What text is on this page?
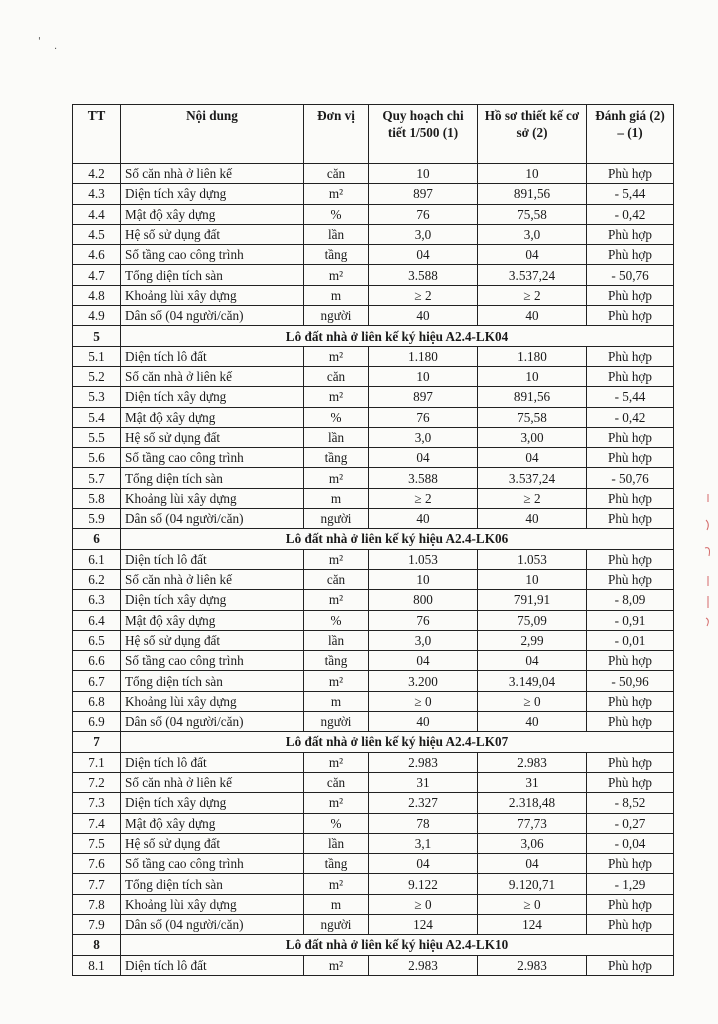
'
·
TT	Nội dung	Đơn vị	Quy hoạch chi tiết 1/500 (1)	Hồ sơ thiết kế cơ sở (2)	Đánh giá (2) – (1)
4.2	Số căn nhà ở liên kế	căn	10	10	Phù hợp
4.3	Diện tích xây dựng	m²	897	891,56	- 5,44
4.4	Mật độ xây dựng	%	76	75,58	- 0,42
4.5	Hệ số sử dụng đất	lần	3,0	3,0	Phù hợp
4.6	Số tầng cao công trình	tầng	04	04	Phù hợp
4.7	Tổng diện tích sàn	m²	3.588	3.537,24	- 50,76
4.8	Khoảng lùi xây dựng	m	≥ 2	≥ 2	Phù hợp
4.9	Dân số (04 người/căn)	người	40	40	Phù hợp
5	Lô đất nhà ở liên kế ký hiệu A2.4-LK04				
5.1	Diện tích lô đất	m²	1.180	1.180	Phù hợp
5.2	Số căn nhà ở liên kế	căn	10	10	Phù hợp
5.3	Diện tích xây dựng	m²	897	891,56	- 5,44
5.4	Mật độ xây dựng	%	76	75,58	- 0,42
5.5	Hệ số sử dụng đất	lần	3,0	3,00	Phù hợp
5.6	Số tầng cao công trình	tầng	04	04	Phù hợp
5.7	Tổng diện tích sàn	m²	3.588	3.537,24	- 50,76
5.8	Khoảng lùi xây dựng	m	≥ 2	≥ 2	Phù hợp
5.9	Dân số (04 người/căn)	người	40	40	Phù hợp
6	Lô đất nhà ở liên kế ký hiệu A2.4-LK06				
6.1	Diện tích lô đất	m²	1.053	1.053	Phù hợp
6.2	Số căn nhà ở liên kế	căn	10	10	Phù hợp
6.3	Diện tích xây dựng	m²	800	791,91	- 8,09
6.4	Mật độ xây dựng	%	76	75,09	- 0,91
6.5	Hệ số sử dụng đất	lần	3,0	2,99	- 0,01
6.6	Số tầng cao công trình	tầng	04	04	Phù hợp
6.7	Tổng diện tích sàn	m²	3.200	3.149,04	- 50,96
6.8	Khoảng lùi xây dựng	m	≥ 0	≥ 0	Phù hợp
6.9	Dân số (04 người/căn)	người	40	40	Phù hợp
7	Lô đất nhà ở liên kế ký hiệu A2.4-LK07				
7.1	Diện tích lô đất	m²	2.983	2.983	Phù hợp
7.2	Số căn nhà ở liên kế	căn	31	31	Phù hợp
7.3	Diện tích xây dựng	m²	2.327	2.318,48	- 8,52
7.4	Mật độ xây dựng	%	78	77,73	- 0,27
7.5	Hệ số sử dụng đất	lần	3,1	3,06	- 0,04
7.6	Số tầng cao công trình	tầng	04	04	Phù hợp
7.7	Tổng diện tích sàn	m²	9.122	9.120,71	- 1,29
7.8	Khoảng lùi xây dựng	m	≥ 0	≥ 0	Phù hợp
7.9	Dân số (04 người/căn)	người	124	124	Phù hợp
8	Lô đất nhà ở liên kế ký hiệu A2.4-LK10				
8.1	Diện tích lô đất	m²	2.983	2.983	Phù hợp
